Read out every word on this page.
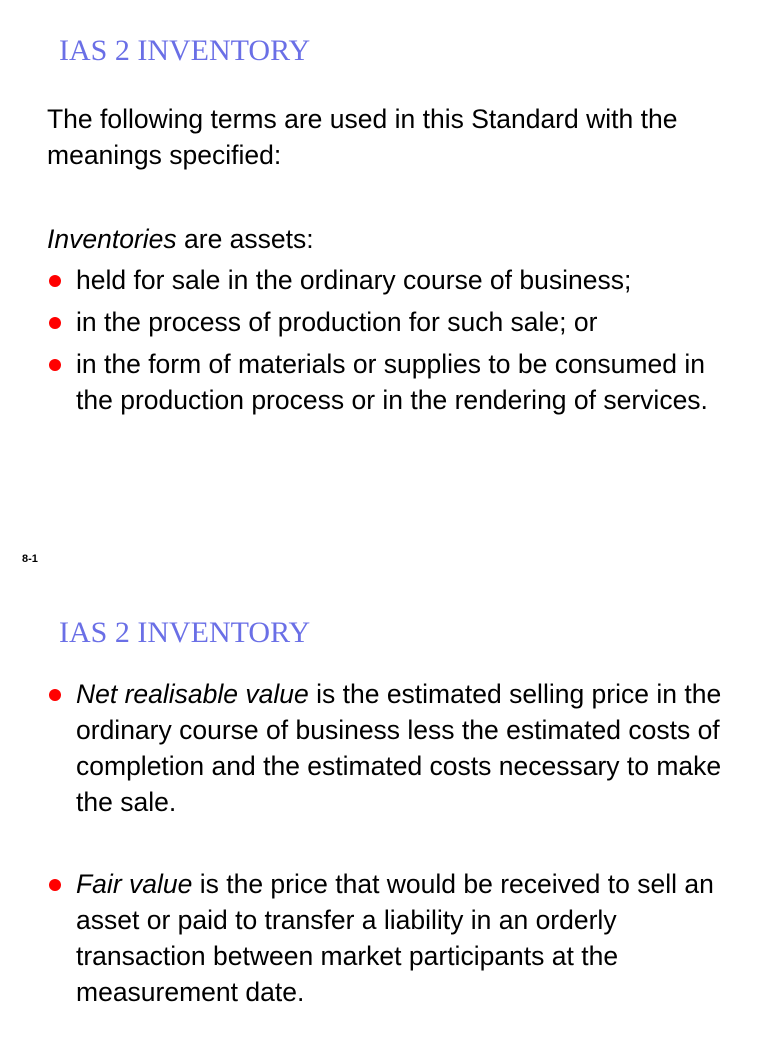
IAS 2 INVENTORY
The following terms are used in this Standard with the meanings specified:
Inventories are assets:
held for sale in the ordinary course of business;
in the process of production for such sale; or
in the form of materials or supplies to be consumed in the production process or in the rendering of services.
8-1
IAS 2 INVENTORY
Net realisable value is the estimated selling price in the ordinary course of business less the estimated costs of completion and the estimated costs necessary to make the sale.
Fair value is the price that would be received to sell an asset or paid to transfer a liability in an orderly transaction between market participants at the measurement date.
